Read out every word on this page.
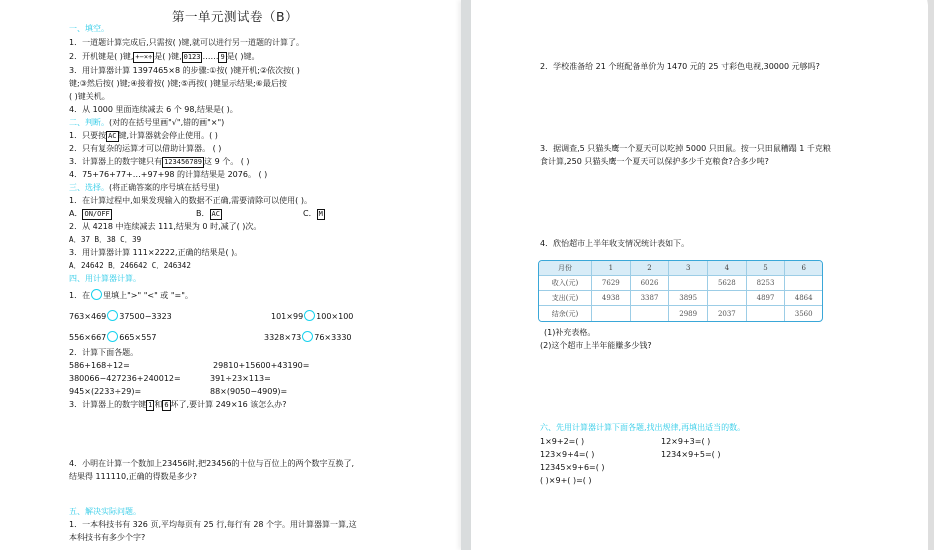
第一单元测试卷（B）
一、填空。
1．一道题计算完成后,只需按( )键,就可以进行另一道题的计算了。
2．开机键是( )键, +−×÷ 是( )键, 0123 …… 9 是( )键。
3．用计算器计算 1397465×8 的步骤:①按( )键开机;②依次按( )
键;③然后按( )键;④接着按( )键;⑤再按( )键显示结果;⑥最后按
( )键关机。
4．从 1000 里面连续减去 6 个 98,结果是( )。
二、判断。(对的在括号里画"√",错的画"×")
1．只要按 AC 键,计算器就会停止使用。( )
2．只有复杂的运算才可以借助计算器。 ( )
3．计算器上的数字键只有 123456789 这 9 个。 ( )
4．75+76+77+…+97+98 的计算结果是 2076。 ( )
三、选择。(将正确答案的序号填在括号里)
1．在计算过程中,如果发现输入的数据不正确,需要清除可以使用( )。
A． ON/OFF	B． AC	C． M
2．从 4218 中连续减去 111,结果为 0 时,减了( )次。
A．37 B．38 C．39
3．用计算器计算 111×2222,正确的结果是( )。
A．24642 B．246642 C．246342
四、用计算器计算。
1．在 里填上">" "<" 或 "="。
763×469 37500−3323	101×99 100×100
556×667 665×557	3328×73 76×3330
2．计算下面各题。
586+168÷12=	29810+15600+43190=
380066−427236+240012=	391÷23×113=
945×(2233÷29)=	88×(9050−4909)=
3．计算器上的数字键 1 和 6 坏了,要计算 249×16 该怎么办?
4．小明在计算一个数加上23456时,把23456的十位与百位上的两个数字互换了,
结果得 111110,正确的得数是多少?
五、解决实际问题。
1．一本科技书有 326 页,平均每页有 25 行,每行有 28 个字。用计算器算一算,这
本科技书有多少个字?
2．学校准备给 21 个班配备单价为 1470 元的 25 寸彩色电视,30000 元够吗?
3．据调查,5 只猫头鹰一个夏天可以吃掉 5000 只田鼠。按一只田鼠糟蹋 1 千克粮
食计算,250 只猫头鹰一个夏天可以保护多少千克粮食?合多少吨?
4．欣怡超市上半年收支情况统计表如下。
(1)补充表格。
(2)这个超市上半年能赚多少钱?
六、先用计算器计算下面各题,找出规律,再填出适当的数。
1×9+2=( )	12×9+3=( )
123×9+4=( )	1234×9+5=( )
12345×9+6=( )
( )×9+( )=( )
月份	1	2	3	4	5	6
收入(元)	7629	6026		5628	8253	
支出(元)	4938	3387	3895		4897	4864
结余(元)			2989	2037		3560
